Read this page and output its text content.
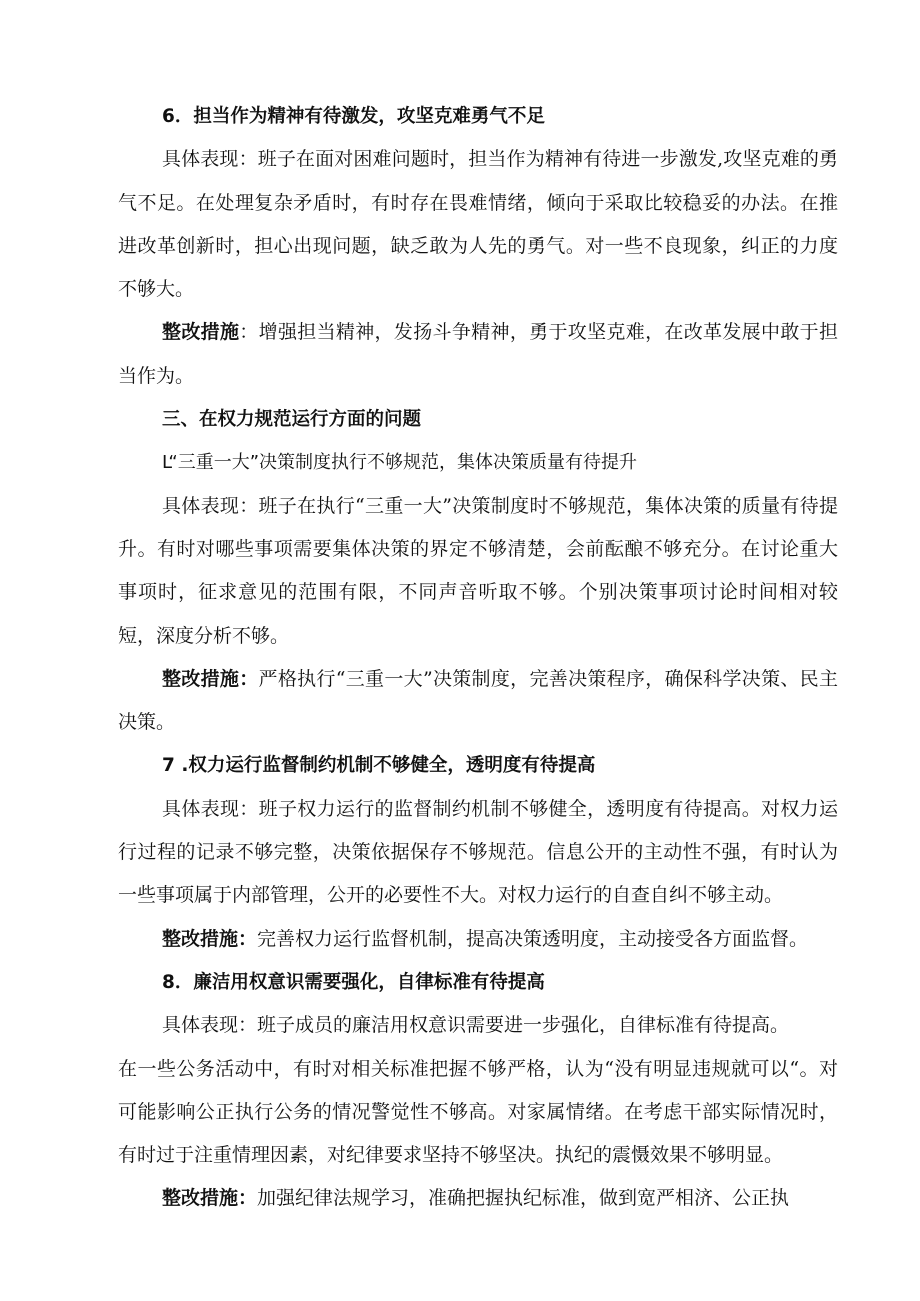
6．担当作为精神有待激发，攻坚克难勇气不足

具体表现：班子在面对困难问题时，担当作为精神有待进一步激发,攻坚克难的勇气不足。在处理复杂矛盾时，有时存在畏难情绪，倾向于采取比较稳妥的办法。在推进改革创新时，担心出现问题，缺乏敢为人先的勇气。对一些不良现象，纠正的力度不够大。

整改措施：增强担当精神，发扬斗争精神，勇于攻坚克难，在改革发展中敢于担当作为。

三、在权力规范运行方面的问题

L“三重一大”决策制度执行不够规范，集体决策质量有待提升

具体表现：班子在执行“三重一大”决策制度时不够规范，集体决策的质量有待提升。有时对哪些事项需要集体决策的界定不够清楚，会前酝酿不够充分。在讨论重大事项时，征求意见的范围有限，不同声音听取不够。个别决策事项讨论时间相对较短，深度分析不够。

整改措施：严格执行“三重一大”决策制度，完善决策程序，确保科学决策、民主决策。

7 .权力运行监督制约机制不够健全，透明度有待提高

具体表现：班子权力运行的监督制约机制不够健全，透明度有待提高。对权力运行过程的记录不够完整，决策依据保存不够规范。信息公开的主动性不强，有时认为一些事项属于内部管理，公开的必要性不大。对权力运行的自查自纠不够主动。

整改措施：完善权力运行监督机制，提高决策透明度，主动接受各方面监督。

8．廉洁用权意识需要强化，自律标准有待提高

具体表现：班子成员的廉洁用权意识需要进一步强化，自律标准有待提高。

在一些公务活动中，有时对相关标准把握不够严格，认为“没有明显违规就可以“。对可能影响公正执行公务的情况警觉性不够高。对家属情绪。在考虑干部实际情况时，有时过于注重情理因素，对纪律要求坚持不够坚决。执纪的震慑效果不够明显。

整改措施：加强纪律法规学习，准确把握执纪标准，做到宽严相济、公正执
